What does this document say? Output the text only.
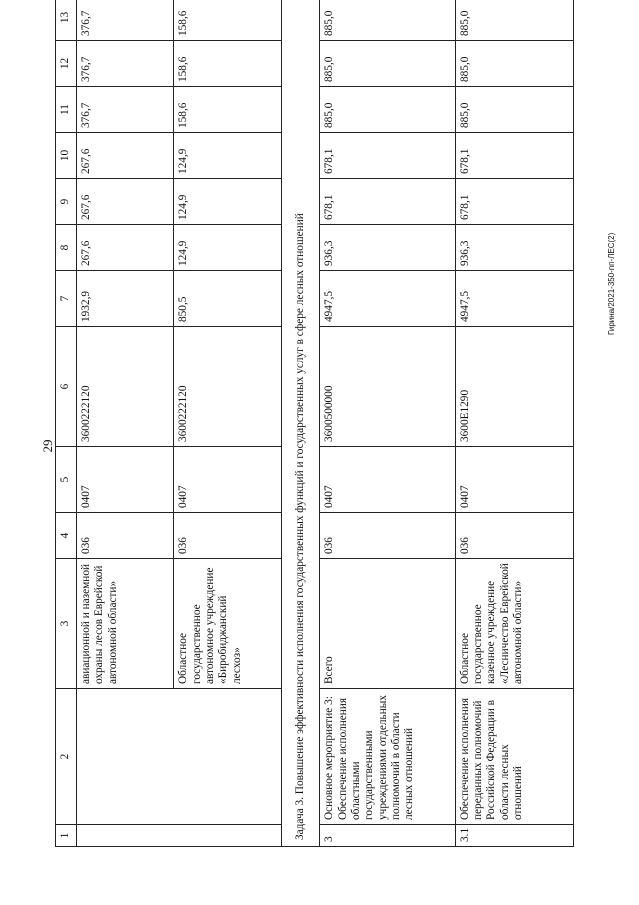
29
Гирина/2021-350-пп-ЛЕС(2)
1	2	3	4	5	6	7	8	9	10	11	12	13
		авиационной и наземной охраны лесов Еврейской автономной области»	036	0407	3600222120	1932,9	267,6	267,6	267,6	376,7	376,7	376,7
		Областное государственное автономное учреждение «Биробиджанский лесхоз»	036	0407	3600222120	850,5	124,9	124,9	124,9	158,6	158,6	158,6
Задача 3. Повышение эффективности исполнения государственных функций и государственных услуг в сфере лесных отношений												
3	Основное мероприятие 3: Обеспечение исполнения областными государственными учреждениями отдельных полномочий в области лесных отношений	Всего	036	0407	3600500000	4947,5	936,3	678,1	678,1	885,0	885,0	885,0
3.1	Обеспечение исполнения переданных полномочий Российской Федерации в области лесных отношений	Областное государственное казенное учреждение «Лесничество Еврейской автономной области»	036	0407	3600Е1290	4947,5	936,3	678,1	678,1	885,0	885,0	885,0
